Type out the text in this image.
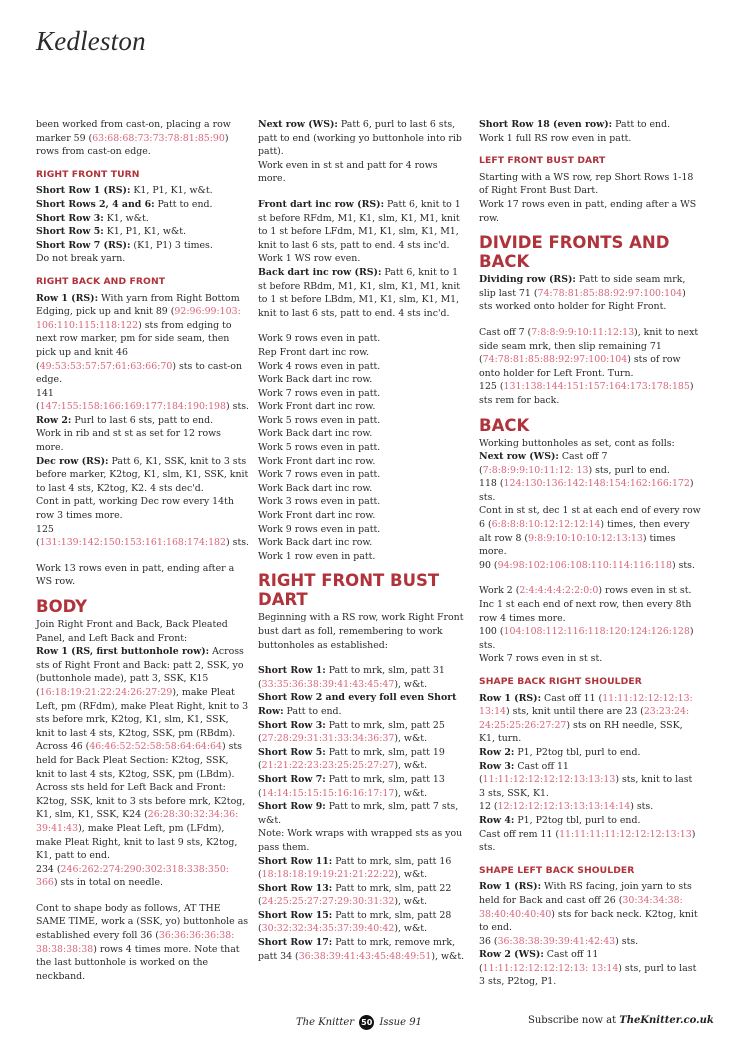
Kedleston

been worked from cast-on, placing a row marker 59 (63:68:68:73:73:78:81:85:90) rows from cast-on edge.

RIGHT FRONT TURN

Short Row 1 (RS): K1, P1, K1, w&t.

Short Rows 2, 4 and 6: Patt to end.

Short Row 3: K1, w&t.

Short Row 5: K1, P1, K1, w&t.

Short Row 7 (RS): (K1, P1) 3 times.

Do not break yarn.

RIGHT BACK AND FRONT

Row 1 (RS): With yarn from Right Bottom Edging, pick up and knit 89 (92:96:99:103: 106:110:115:118:122) sts from edging to next row marker, pm for side seam, then pick up and knit 46 (49:53:53:57:57:61:63:66:70) sts to cast-on edge.

141 (147:155:158:166:169:177:184:190:198) sts.

Row 2: Purl to last 6 sts, patt to end.

Work in rib and st st as set for 12 rows more.

Dec row (RS): Patt 6, K1, SSK, knit to 3 sts before marker, K2tog, K1, slm, K1, SSK, knit to last 4 sts, K2tog, K2. 4 sts dec'd.

Cont in patt, working Dec row every 14th row 3 times more.

125 (131:139:142:150:153:161:168:174:182) sts.

Work 13 rows even in patt, ending after a WS row.

BODY

Join Right Front and Back, Back Pleated Panel, and Left Back and Front:

Row 1 (RS, first buttonhole row): Across sts of Right Front and Back: patt 2, SSK, yo (buttonhole made), patt 3, SSK, K15 (16:18:19:21:22:24:26:27:29), make Pleat Left, pm (RFdm), make Pleat Right, knit to 3 sts before mrk, K2tog, K1, slm, K1, SSK, knit to last 4 sts, K2tog, SSK, pm (RBdm). Across 46 (46:46:52:52:58:58:64:64:64) sts held for Back Pleat Section: K2tog, SSK, knit to last 4 sts, K2tog, SSK, pm (LBdm). Across sts held for Left Back and Front: K2tog, SSK, knit to 3 sts before mrk, K2tog, K1, slm, K1, SSK, K24 (26:28:30:32:34:36: 39:41:43), make Pleat Left, pm (LFdm), make Pleat Right, knit to last 9 sts, K2tog, K1, patt to end.

234 (246:262:274:290:302:318:338:350: 366) sts in total on needle.

Cont to shape body as follows, AT THE SAME TIME, work a (SSK, yo) buttonhole as established every foll 36 (36:36:36:36:38: 38:38:38:38) rows 4 times more. Note that the last buttonhole is worked on the neckband.

Next row (WS): Patt 6, purl to last 6 sts, patt to end (working yo buttonhole into rib patt).

Work even in st st and patt for 4 rows more.

Front dart inc row (RS): Patt 6, knit to 1 st before RFdm, M1, K1, slm, K1, M1, knit to 1 st before LFdm, M1, K1, slm, K1, M1, knit to last 6 sts, patt to end. 4 sts inc'd.

Work 1 WS row even.

Back dart inc row (RS): Patt 6, knit to 1 st before RBdm, M1, K1, slm, K1, M1, knit to 1 st before LBdm, M1, K1, slm, K1, M1, knit to last 6 sts, patt to end. 4 sts inc'd.

Work 9 rows even in patt.

Rep Front dart inc row.

Work 4 rows even in patt.

Work Back dart inc row.

Work 7 rows even in patt.

Work Front dart inc row.

Work 5 rows even in patt.

Work Back dart inc row.

Work 5 rows even in patt.

Work Front dart inc row.

Work 7 rows even in patt.

Work Back dart inc row.

Work 3 rows even in patt.

Work Front dart inc row.

Work 9 rows even in patt.

Work Back dart inc row.

Work 1 row even in patt.

RIGHT FRONT BUST DART

Beginning with a RS row, work Right Front bust dart as foll, remembering to work buttonholes as established:

Short Row 1: Patt to mrk, slm, patt 31 (33:35:36:38:39:41:43:45:47), w&t.

Short Row 2 and every foll even Short Row: Patt to end.

Short Row 3: Patt to mrk, slm, patt 25 (27:28:29:31:31:33:34:36:37), w&t.

Short Row 5: Patt to mrk, slm, patt 19 (21:21:22:23:23:25:25:27:27), w&t.

Short Row 7: Patt to mrk, slm, patt 13 (14:14:15:15:15:16:16:17:17), w&t.

Short Row 9: Patt to mrk, slm, patt 7 sts, w&t.

Note: Work wraps with wrapped sts as you pass them.

Short Row 11: Patt to mrk, slm, patt 16 (18:18:18:19:19:21:21:22:22), w&t.

Short Row 13: Patt to mrk, slm, patt 22 (24:25:25:27:27:29:30:31:32), w&t.

Short Row 15: Patt to mrk, slm, patt 28 (30:32:32:34:35:37:39:40:42), w&t.

Short Row 17: Patt to mrk, remove mrk, patt 34 (36:38:39:41:43:45:48:49:51), w&t.

Short Row 18 (even row): Patt to end.

Work 1 full RS row even in patt.

LEFT FRONT BUST DART

Starting with a WS row, rep Short Rows 1-18 of Right Front Bust Dart.

Work 17 rows even in patt, ending after a WS row.

DIVIDE FRONTS AND BACK

Dividing row (RS): Patt to side seam mrk, slip last 71 (74:78:81:85:88:92:97:100:104) sts worked onto holder for Right Front.

Cast off 7 (7:8:8:9:9:10:11:12:13), knit to next side seam mrk, then slip remaining 71 (74:78:81:85:88:92:97:100:104) sts of row onto holder for Left Front. Turn.

125 (131:138:144:151:157:164:173:178:185) sts rem for back.

BACK

Working buttonholes as set, cont as folls:

Next row (WS): Cast off 7 (7:8:8:9:9:10:11:12: 13) sts, purl to end.

118 (124:130:136:142:148:154:162:166:172) sts.

Cont in st st, dec 1 st at each end of every row 6 (6:8:8:8:10:12:12:12:14) times, then every alt row 8 (9:8:9:10:10:10:12:13:13) times more.

90 (94:98:102:106:108:110:114:116:118) sts.

Work 2 (2:4:4:4:4:2:2:0:0) rows even in st st.

Inc 1 st each end of next row, then every 8th row 4 times more.

100 (104:108:112:116:118:120:124:126:128) sts.

Work 7 rows even in st st.

SHAPE BACK RIGHT SHOULDER

Row 1 (RS): Cast off 11 (11:11:12:12:12:13: 13:14) sts, knit until there are 23 (23:23:24: 24:25:25:26:27:27) sts on RH needle, SSK, K1, turn.

Row 2: P1, P2tog tbl, purl to end.

Row 3: Cast off 11 (11:11:12:12:12:12:13:13:13) sts, knit to last 3 sts, SSK, K1.

12 (12:12:12:12:13:13:13:14:14) sts.

Row 4: P1, P2tog tbl, purl to end.

Cast off rem 11 (11:11:11:11:12:12:12:13:13) sts.

SHAPE LEFT BACK SHOULDER

Row 1 (RS): With RS facing, join yarn to sts held for Back and cast off 26 (30:34:34:38: 38:40:40:40:40) sts for back neck. K2tog, knit to end.

36 (36:38:38:39:39:41:42:43) sts.

Row 2 (WS): Cast off 11 (11:11:12:12:12:12:13: 13:14) sts, purl to last 3 sts, P2tog, P1.

The Knitter 50 Issue 91	Subscribe now at TheKnitter.co.uk
